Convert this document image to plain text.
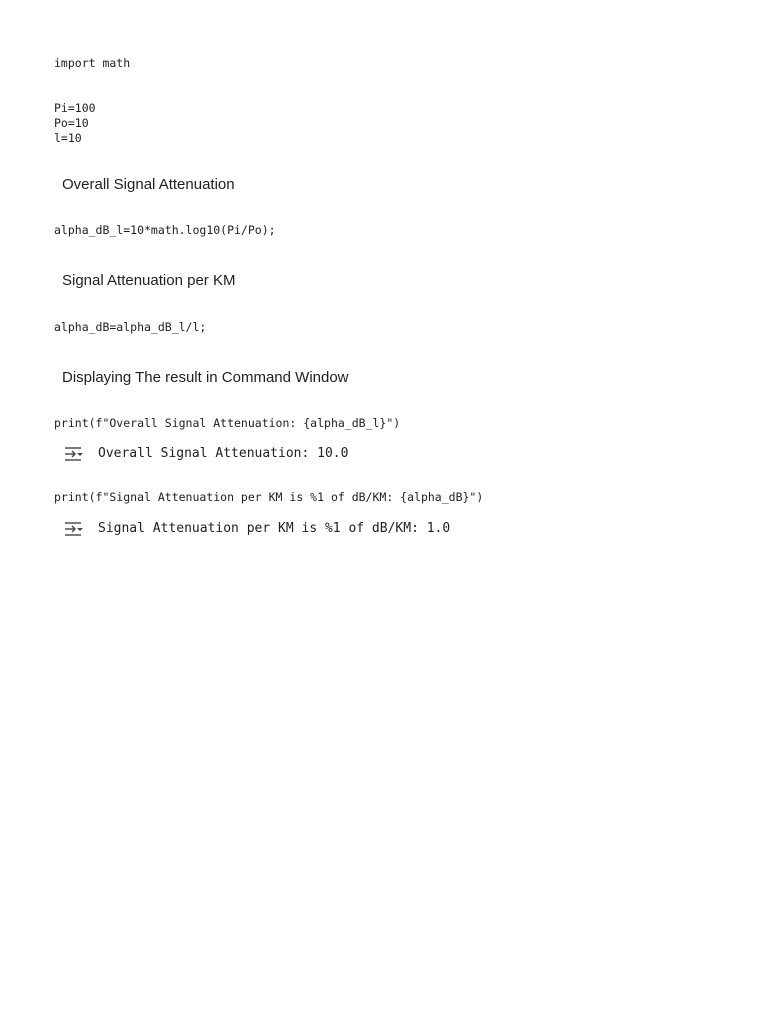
import math
Pi=100
Po=10
l=10
Overall Signal Attenuation
alpha_dB_l=10*math.log10(Pi/Po);
Signal Attenuation per KM
alpha_dB=alpha_dB_l/l;
Displaying The result in Command Window
print(f"Overall Signal Attenuation: {alpha_dB_l}")
Overall Signal Attenuation: 10.0
print(f"Signal Attenuation per KM is %1 of dB/KM: {alpha_dB}")
Signal Attenuation per KM is %1 of dB/KM: 1.0
